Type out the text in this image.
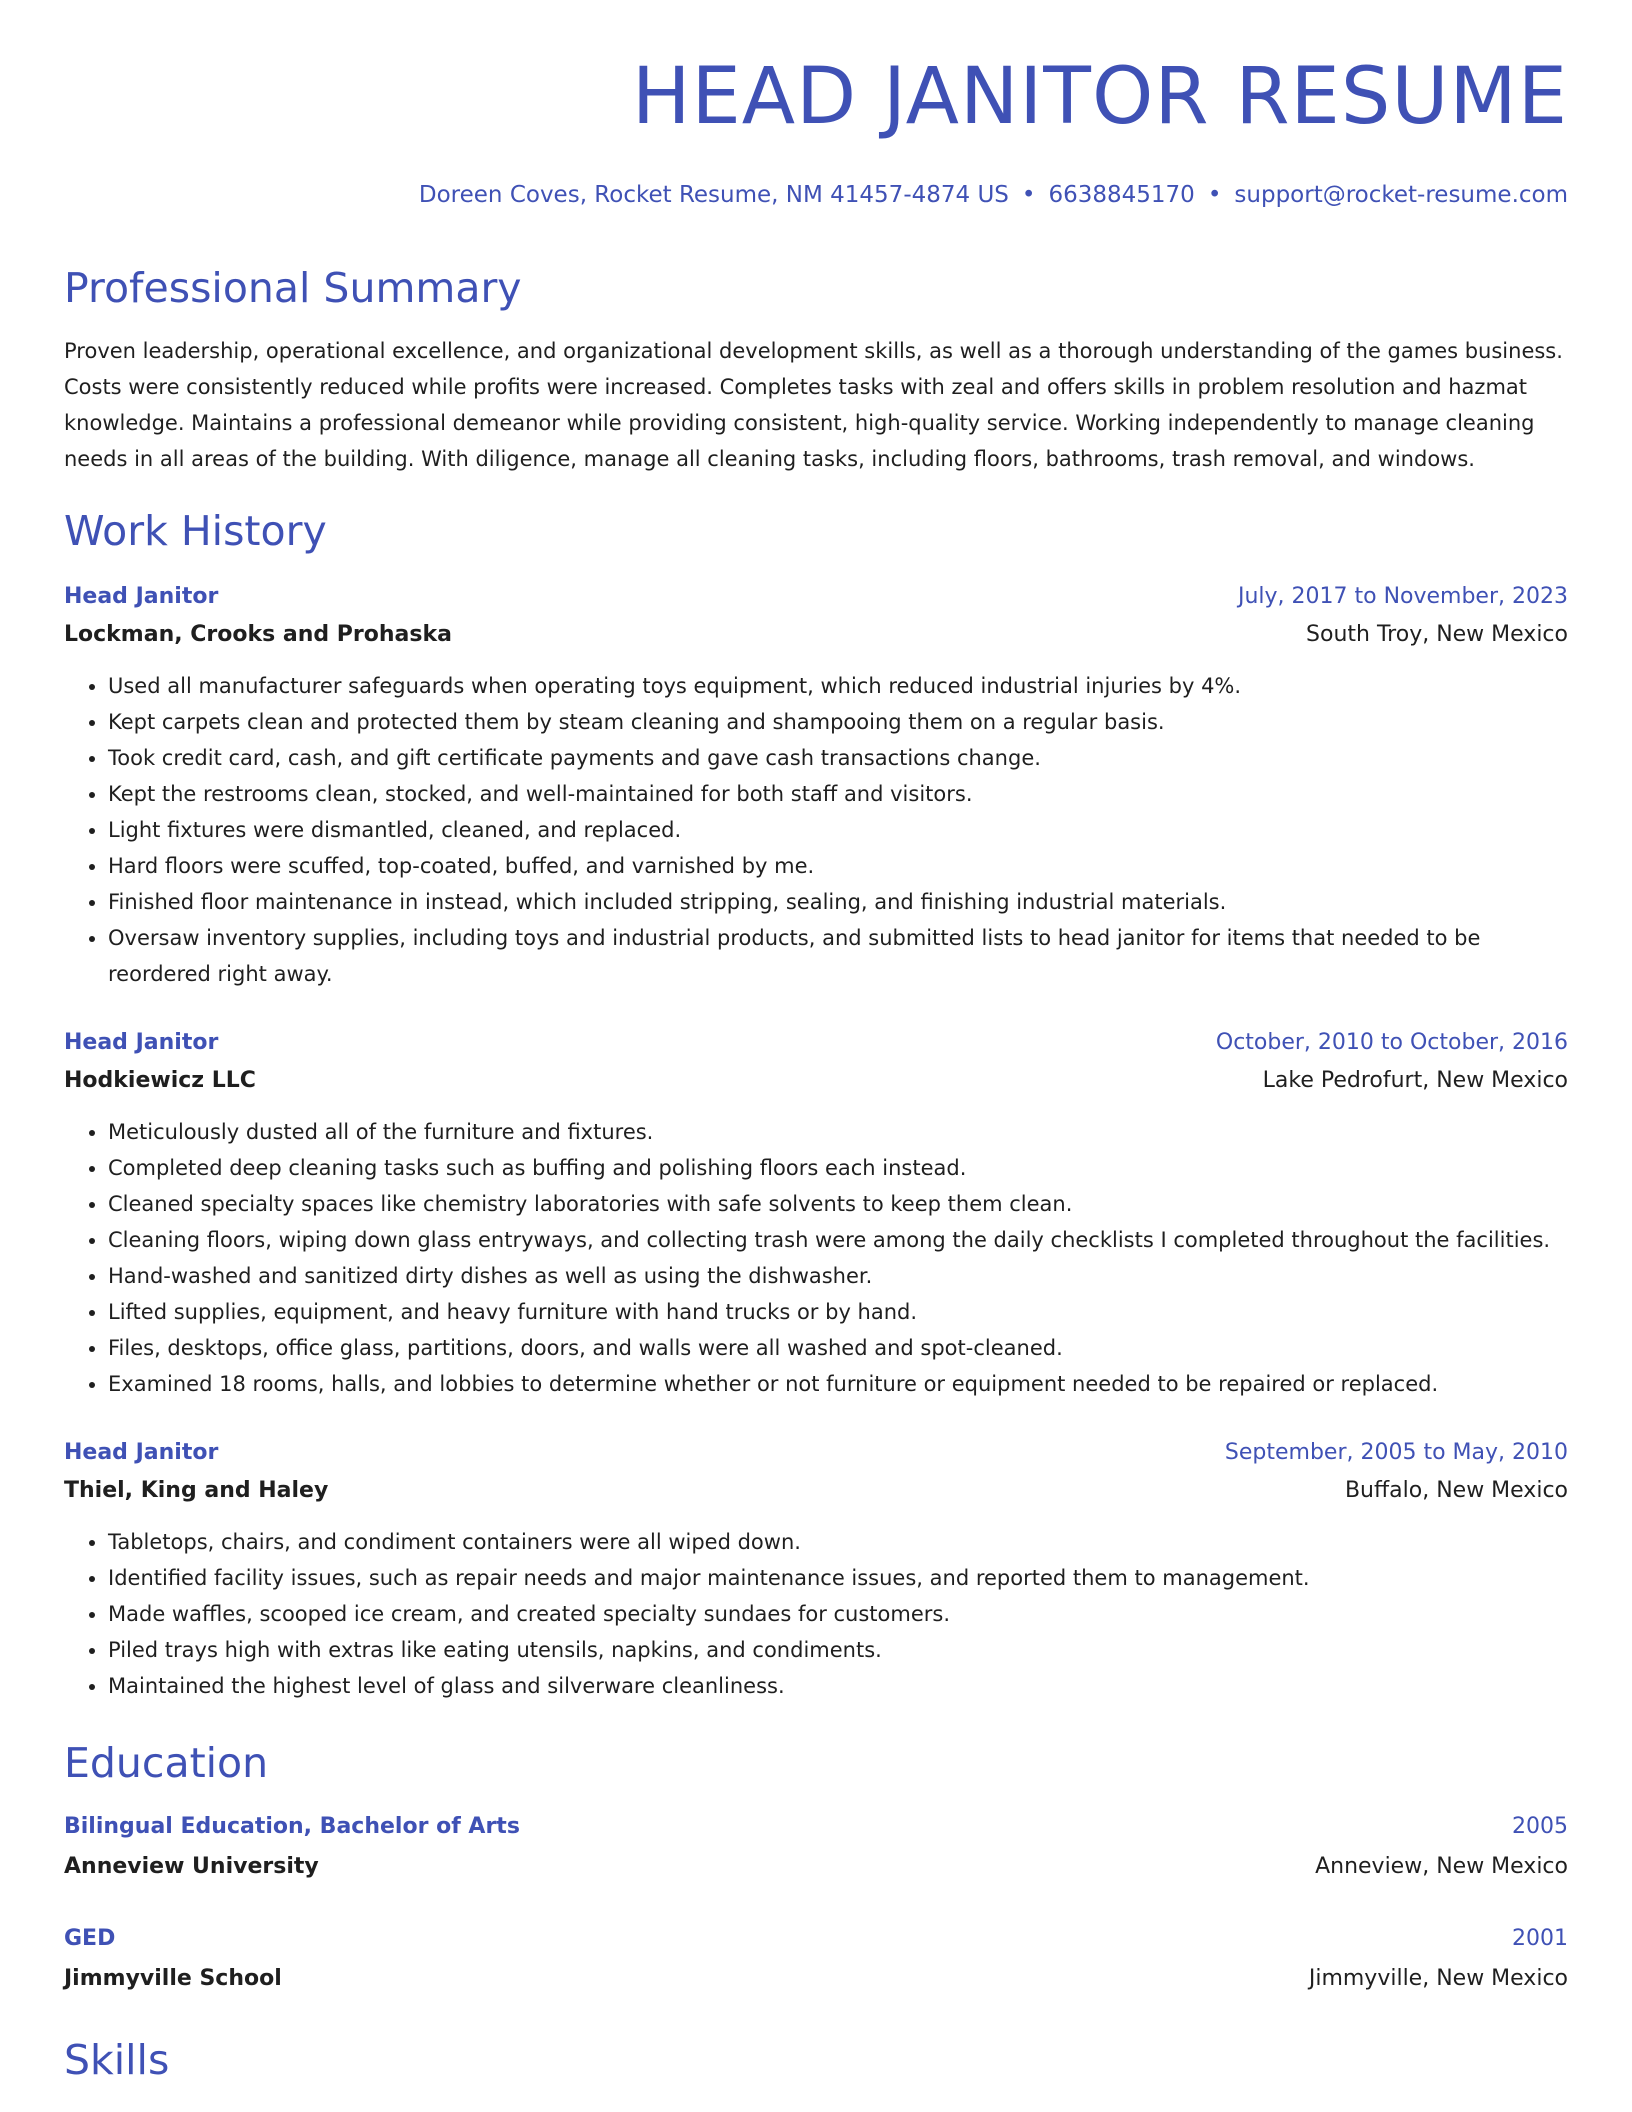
HEAD JANITOR RESUME
Doreen Coves, Rocket Resume, NM 41457-4874 US • 6638845170 • support@rocket-resume.com
Professional Summary
Proven leadership, operational excellence, and organizational development skills, as well as a thorough understanding of the games business. Costs were consistently reduced while profits were increased. Completes tasks with zeal and offers skills in problem resolution and hazmat knowledge. Maintains a professional demeanor while providing consistent, high-quality service. Working independently to manage cleaning needs in all areas of the building. With diligence, manage all cleaning tasks, including floors, bathrooms, trash removal, and windows.
Work History
Head Janitor	July, 2017 to November, 2023
Lockman, Crooks and Prohaska	South Troy, New Mexico
• Used all manufacturer safeguards when operating toys equipment, which reduced industrial injuries by 4%.
• Kept carpets clean and protected them by steam cleaning and shampooing them on a regular basis.
• Took credit card, cash, and gift certificate payments and gave cash transactions change.
• Kept the restrooms clean, stocked, and well-maintained for both staff and visitors.
• Light fixtures were dismantled, cleaned, and replaced.
• Hard floors were scuffed, top-coated, buffed, and varnished by me.
• Finished floor maintenance in instead, which included stripping, sealing, and finishing industrial materials.
• Oversaw inventory supplies, including toys and industrial products, and submitted lists to head janitor for items that needed to be reordered right away.
Head Janitor	October, 2010 to October, 2016
Hodkiewicz LLC	Lake Pedrofurt, New Mexico
• Meticulously dusted all of the furniture and fixtures.
• Completed deep cleaning tasks such as buffing and polishing floors each instead.
• Cleaned specialty spaces like chemistry laboratories with safe solvents to keep them clean.
• Cleaning floors, wiping down glass entryways, and collecting trash were among the daily checklists I completed throughout the facilities.
• Hand-washed and sanitized dirty dishes as well as using the dishwasher.
• Lifted supplies, equipment, and heavy furniture with hand trucks or by hand.
• Files, desktops, office glass, partitions, doors, and walls were all washed and spot-cleaned.
• Examined 18 rooms, halls, and lobbies to determine whether or not furniture or equipment needed to be repaired or replaced.
Head Janitor	September, 2005 to May, 2010
Thiel, King and Haley	Buffalo, New Mexico
• Tabletops, chairs, and condiment containers were all wiped down.
• Identified facility issues, such as repair needs and major maintenance issues, and reported them to management.
• Made waffles, scooped ice cream, and created specialty sundaes for customers.
• Piled trays high with extras like eating utensils, napkins, and condiments.
• Maintained the highest level of glass and silverware cleanliness.
Education
Bilingual Education, Bachelor of Arts	2005
Anneview University	Anneview, New Mexico
GED	2001
Jimmyville School	Jimmyville, New Mexico
Skills
